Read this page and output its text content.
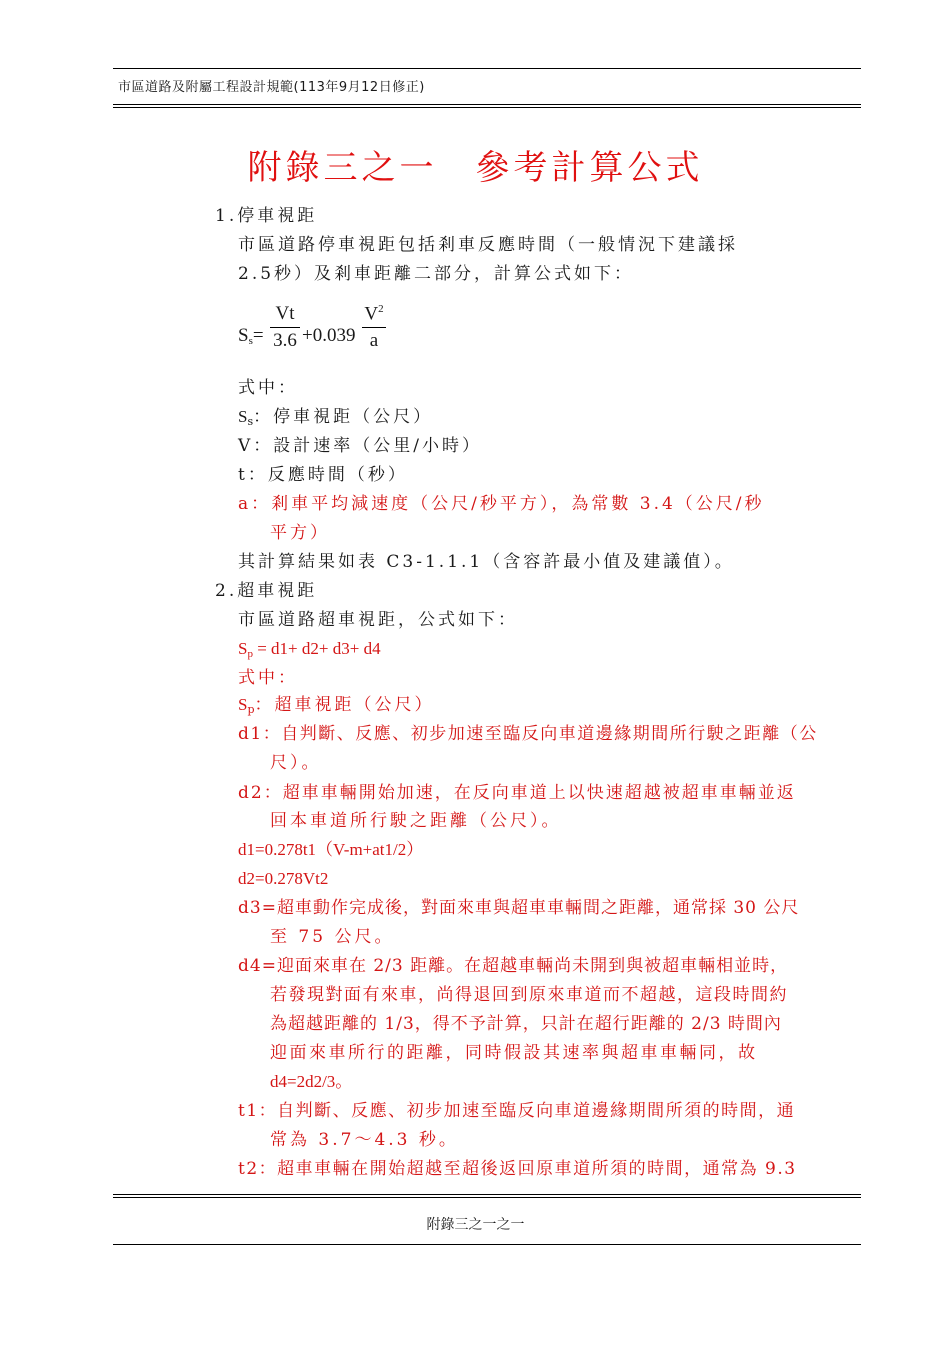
市區道路及附屬工程設計規範(113年9月12日修正)
附錄三之一　參考計算公式
1.停車視距
市區道路停車視距包括剎車反應時間（一般情況下建議採
2.5秒）及剎車距離二部分，計算公式如下：
$S_s=$
Vt
3.6 +0.039
$V^2$
a
式中：
$S_s$：停車視距（公尺）
V：設計速率（公里/小時）
t：反應時間（秒）
a：剎車平均減速度（公尺/秒平方），為常數 3.4（公尺/秒
平方）
其計算結果如表 C3-1.1.1（含容許最小值及建議值）。
2.超車視距
市區道路超車視距，公式如下：
$S_p = d1+ d2+ d3+ d4$
式中：
$S_p$：超車視距（公尺）
d1：自判斷、反應、初步加速至臨反向車道邊緣期間所行駛之距離（公
尺）。
d2：超車車輛開始加速，在反向車道上以快速超越被超車車輛並返
回本車道所行駛之距離（公尺）。
d1=0.278t1（V-m+at1/2）
d2=0.278Vt2
d3=超車動作完成後，對面來車與超車車輛間之距離，通常採 30 公尺
至 75 公尺。
d4=迎面來車在 2/3 距離。在超越車輛尚未開到與被超車輛相並時，
若發現對面有來車，尚得退回到原來車道而不超越，這段時間約
為超越距離的 1/3，得不予計算，只計在超行距離的 2/3 時間內
迎面來車所行的距離，同時假設其速率與超車車輛同，故
d4=2d2/3。
t1：自判斷、反應、初步加速至臨反向車道邊緣期間所須的時間，通
常為 3.7～4.3 秒。
t2：超車車輛在開始超越至超後返回原車道所須的時間，通常為 9.3
附錄三之一之一
